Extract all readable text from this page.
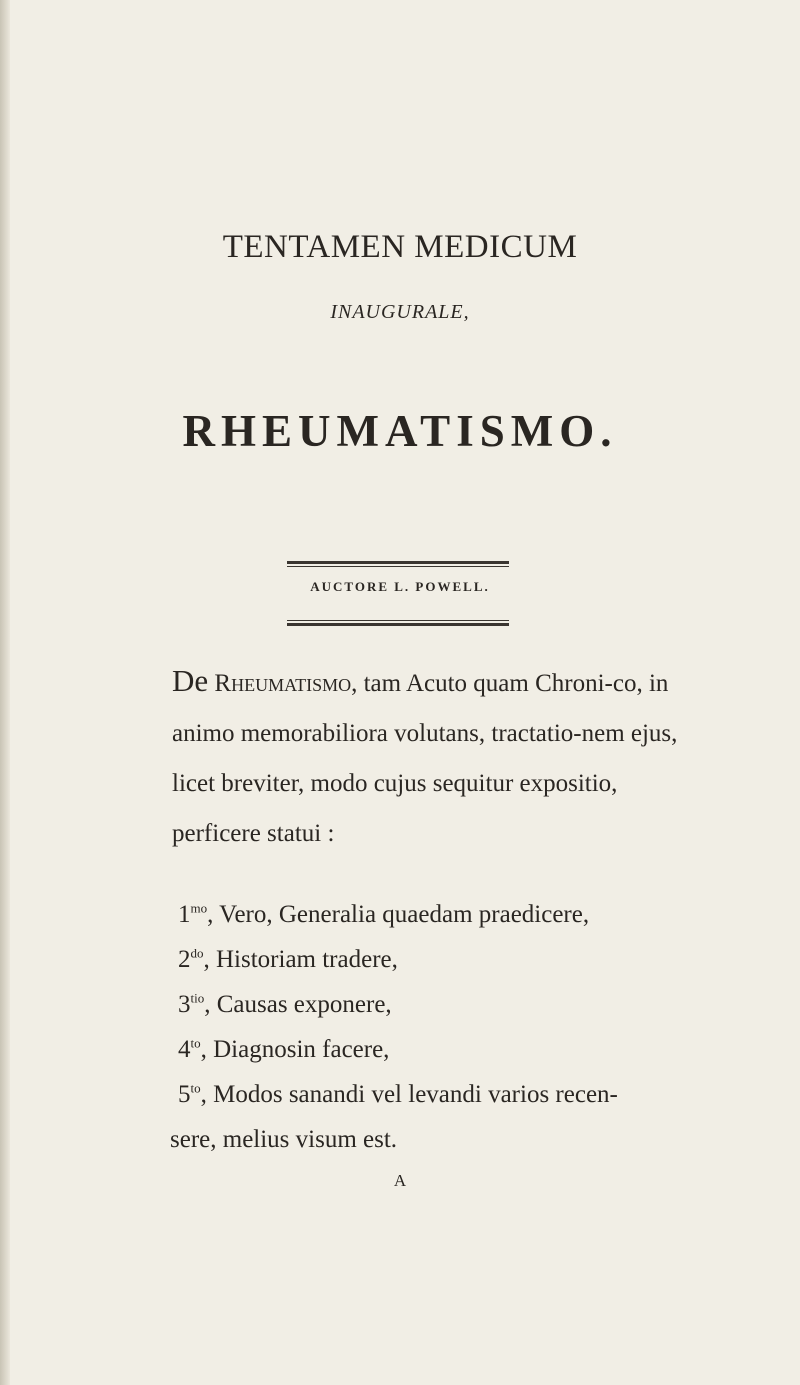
TENTAMEN MEDICUM
INAUGURALE,
RHEUMATISMO.
AUCTORE L. POWELL.
De Rheumatismo, tam Acuto quam Chroni-co, in animo memorabiliora volutans, tractatio-nem ejus, licet breviter, modo cujus sequitur expositio, perficere statui :
$1^{mo}$, Vero, Generalia quaedam praedicere,
$2^{do}$, Historiam tradere,
$3^{tio}$, Causas exponere,
$4^{to}$, Diagnosin facere,
$5^{to}$, Modos sanandi vel levandi varios recen-
sere, melius visum est.
A
